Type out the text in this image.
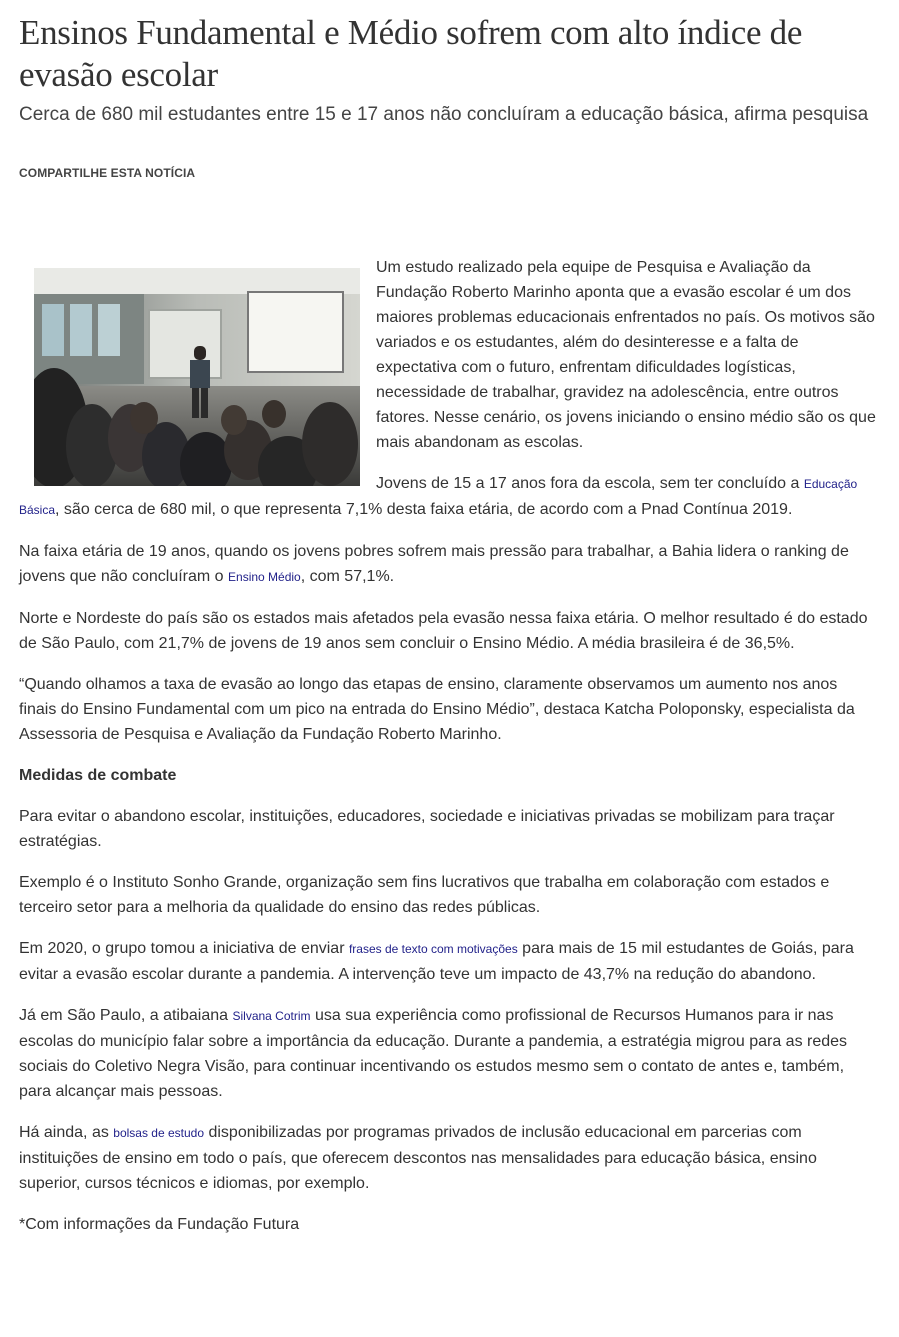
Ensinos Fundamental e Médio sofrem com alto índice de evasão escolar

Cerca de 680 mil estudantes entre 15 e 17 anos não concluíram a educação básica, afirma pesquisa

COMPARTILHE ESTA NOTÍCIA

Um estudo realizado pela equipe de Pesquisa e Avaliação da Fundação Roberto Marinho aponta que a evasão escolar é um dos maiores problemas educacionais enfrentados no país. Os motivos são variados e os estudantes, além do desinteresse e a falta de expectativa com o futuro, enfrentam dificuldades logísticas, necessidade de trabalhar, gravidez na adolescência, entre outros fatores. Nesse cenário, os jovens iniciando o ensino médio são os que mais abandonam as escolas.

Jovens de 15 a 17 anos fora da escola, sem ter concluído a Educação Básica, são cerca de 680 mil, o que representa 7,1% desta faixa etária, de acordo com a Pnad Contínua 2019.

Na faixa etária de 19 anos, quando os jovens pobres sofrem mais pressão para trabalhar, a Bahia lidera o ranking de jovens que não concluíram o Ensino Médio, com 57,1%.

Norte e Nordeste do país são os estados mais afetados pela evasão nessa faixa etária. O melhor resultado é do estado de São Paulo, com 21,7% de jovens de 19 anos sem concluir o Ensino Médio. A média brasileira é de 36,5%.

“Quando olhamos a taxa de evasão ao longo das etapas de ensino, claramente observamos um aumento nos anos finais do Ensino Fundamental com um pico na entrada do Ensino Médio”, destaca Katcha Poloponsky, especialista da Assessoria de Pesquisa e Avaliação da Fundação Roberto Marinho.

Medidas de combate

Para evitar o abandono escolar, instituições, educadores, sociedade e iniciativas privadas se mobilizam para traçar estratégias.

Exemplo é o Instituto Sonho Grande, organização sem fins lucrativos que trabalha em colaboração com estados e terceiro setor para a melhoria da qualidade do ensino das redes públicas.

Em 2020, o grupo tomou a iniciativa de enviar frases de texto com motivações para mais de 15 mil estudantes de Goiás, para evitar a evasão escolar durante a pandemia. A intervenção teve um impacto de 43,7% na redução do abandono.

Já em São Paulo, a atibaiana Silvana Cotrim usa sua experiência como profissional de Recursos Humanos para ir nas escolas do município falar sobre a importância da educação. Durante a pandemia, a estratégia migrou para as redes sociais do Coletivo Negra Visão, para continuar incentivando os estudos mesmo sem o contato de antes e, também, para alcançar mais pessoas.

Há ainda, as bolsas de estudo disponibilizadas por programas privados de inclusão educacional em parcerias com instituições de ensino em todo o país, que oferecem descontos nas mensalidades para educação básica, ensino superior, cursos técnicos e idiomas, por exemplo.

*Com informações da Fundação Futura
